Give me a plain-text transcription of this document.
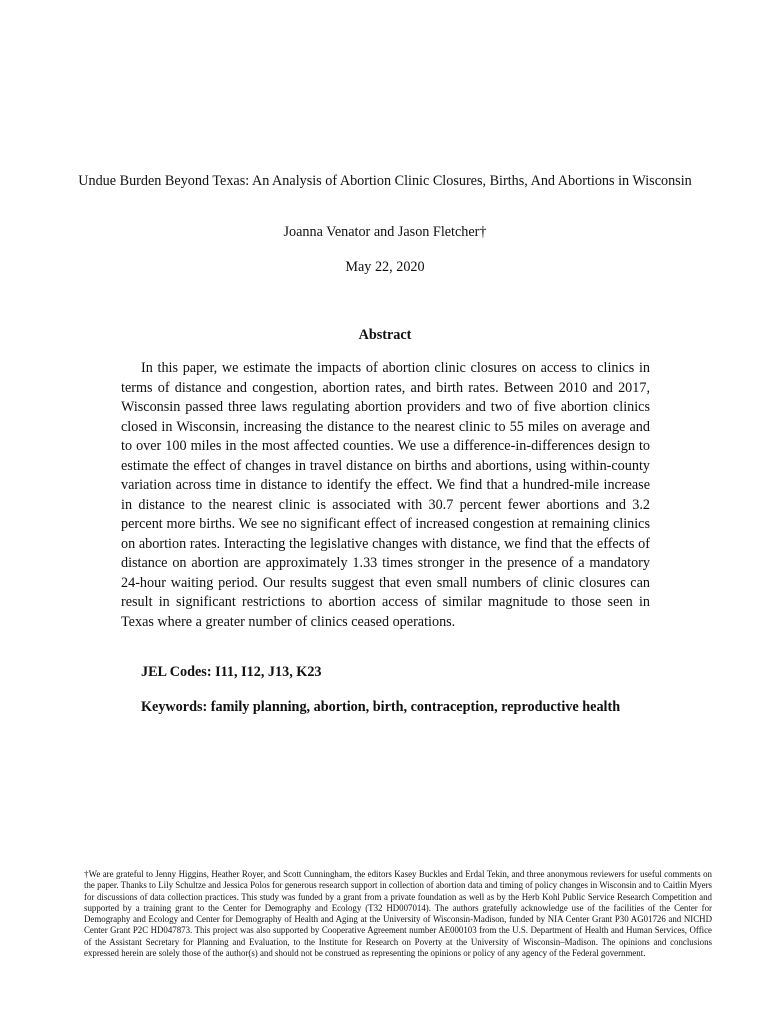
Undue Burden Beyond Texas: An Analysis of Abortion Clinic Closures, Births, And Abortions in Wisconsin
Joanna Venator and Jason Fletcher†
May 22, 2020
Abstract

In this paper, we estimate the impacts of abortion clinic closures on access to clinics in terms of distance and congestion, abortion rates, and birth rates. Between 2010 and 2017, Wisconsin passed three laws regulating abortion providers and two of five abortion clinics closed in Wisconsin, increasing the distance to the nearest clinic to 55 miles on average and to over 100 miles in the most affected counties. We use a difference-in-differences design to estimate the effect of changes in travel distance on births and abortions, using within-county variation across time in distance to identify the effect. We find that a hundred-mile increase in distance to the nearest clinic is associated with 30.7 percent fewer abortions and 3.2 percent more births. We see no significant effect of increased congestion at remaining clinics on abortion rates. Interacting the legislative changes with distance, we find that the effects of distance on abortion are approximately 1.33 times stronger in the presence of a mandatory 24-hour waiting period. Our results suggest that even small numbers of clinic closures can result in significant restrictions to abortion access of similar magnitude to those seen in Texas where a greater number of clinics ceased operations.

JEL Codes: I11, I12, J13, K23
Keywords: family planning, abortion, birth, contraception, reproductive health

†We are grateful to Jenny Higgins, Heather Royer, and Scott Cunningham, the editors Kasey Buckles and Erdal Tekin, and three anonymous reviewers for useful comments on the paper. Thanks to Lily Schultze and Jessica Polos for generous research support in collection of abortion data and timing of policy changes in Wisconsin and to Caitlin Myers for discussions of data collection practices. This study was funded by a grant from a private foundation as well as by the Herb Kohl Public Service Research Competition and supported by a training grant to the Center for Demography and Ecology (T32 HD007014). The authors gratefully acknowledge use of the facilities of the Center for Demography and Ecology and Center for Demography of Health and Aging at the University of Wisconsin-Madison, funded by NIA Center Grant P30 AG01726 and NICHD Center Grant P2C HD047873. This project was also supported by Cooperative Agreement number AE000103 from the U.S. Department of Health and Human Services, Office of the Assistant Secretary for Planning and Evaluation, to the Institute for Research on Poverty at the University of Wisconsin–Madison. The opinions and conclusions expressed herein are solely those of the author(s) and should not be construed as representing the opinions or policy of any agency of the Federal government.
